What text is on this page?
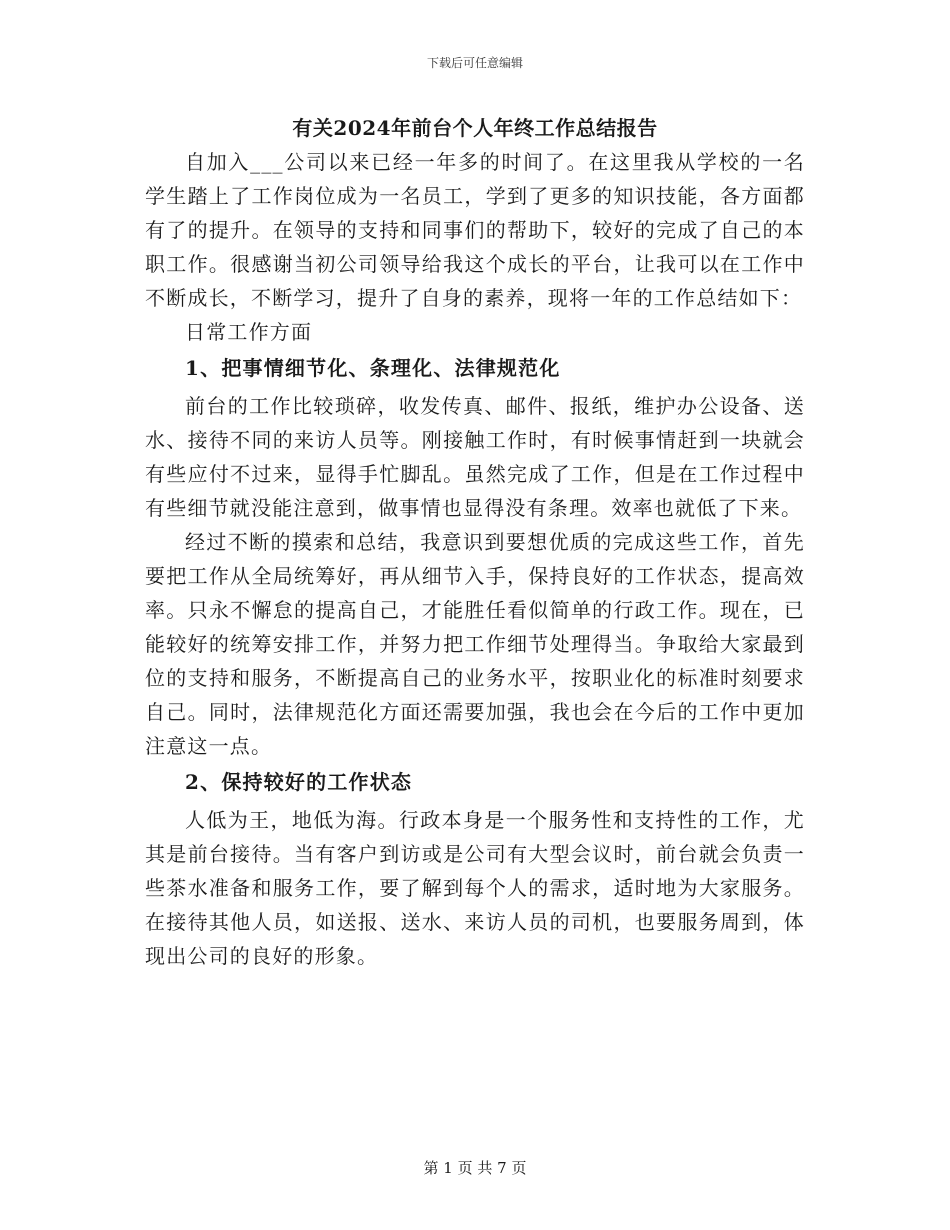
下载后可任意编辑
有关2024年前台个人年终工作总结报告

自加入___公司以来已经一年多的时间了。在这里我从学校的一名学生踏上了工作岗位成为一名员工，学到了更多的知识技能，各方面都有了的提升。在领导的支持和同事们的帮助下，较好的完成了自己的本职工作。很感谢当初公司领导给我这个成长的平台，让我可以在工作中不断成长，不断学习，提升了自身的素养，现将一年的工作总结如下：

日常工作方面

1、把事情细节化、条理化、法律规范化

前台的工作比较琐碎，收发传真、邮件、报纸，维护办公设备、送水、接待不同的来访人员等。刚接触工作时，有时候事情赶到一块就会有些应付不过来，显得手忙脚乱。虽然完成了工作，但是在工作过程中有些细节就没能注意到，做事情也显得没有条理。效率也就低了下来。

经过不断的摸索和总结，我意识到要想优质的完成这些工作，首先要把工作从全局统筹好，再从细节入手，保持良好的工作状态，提高效率。只永不懈怠的提高自己，才能胜任看似简单的行政工作。现在，已能较好的统筹安排工作，并努力把工作细节处理得当。争取给大家最到位的支持和服务，不断提高自己的业务水平，按职业化的标准时刻要求自己。同时，法律规范化方面还需要加强，我也会在今后的工作中更加注意这一点。

2、保持较好的工作状态

人低为王，地低为海。行政本身是一个服务性和支持性的工作，尤其是前台接待。当有客户到访或是公司有大型会议时，前台就会负责一些茶水准备和服务工作，要了解到每个人的需求，适时地为大家服务。在接待其他人员，如送报、送水、来访人员的司机，也要服务周到，体现出公司的良好的形象。

第 1 页 共 7 页
